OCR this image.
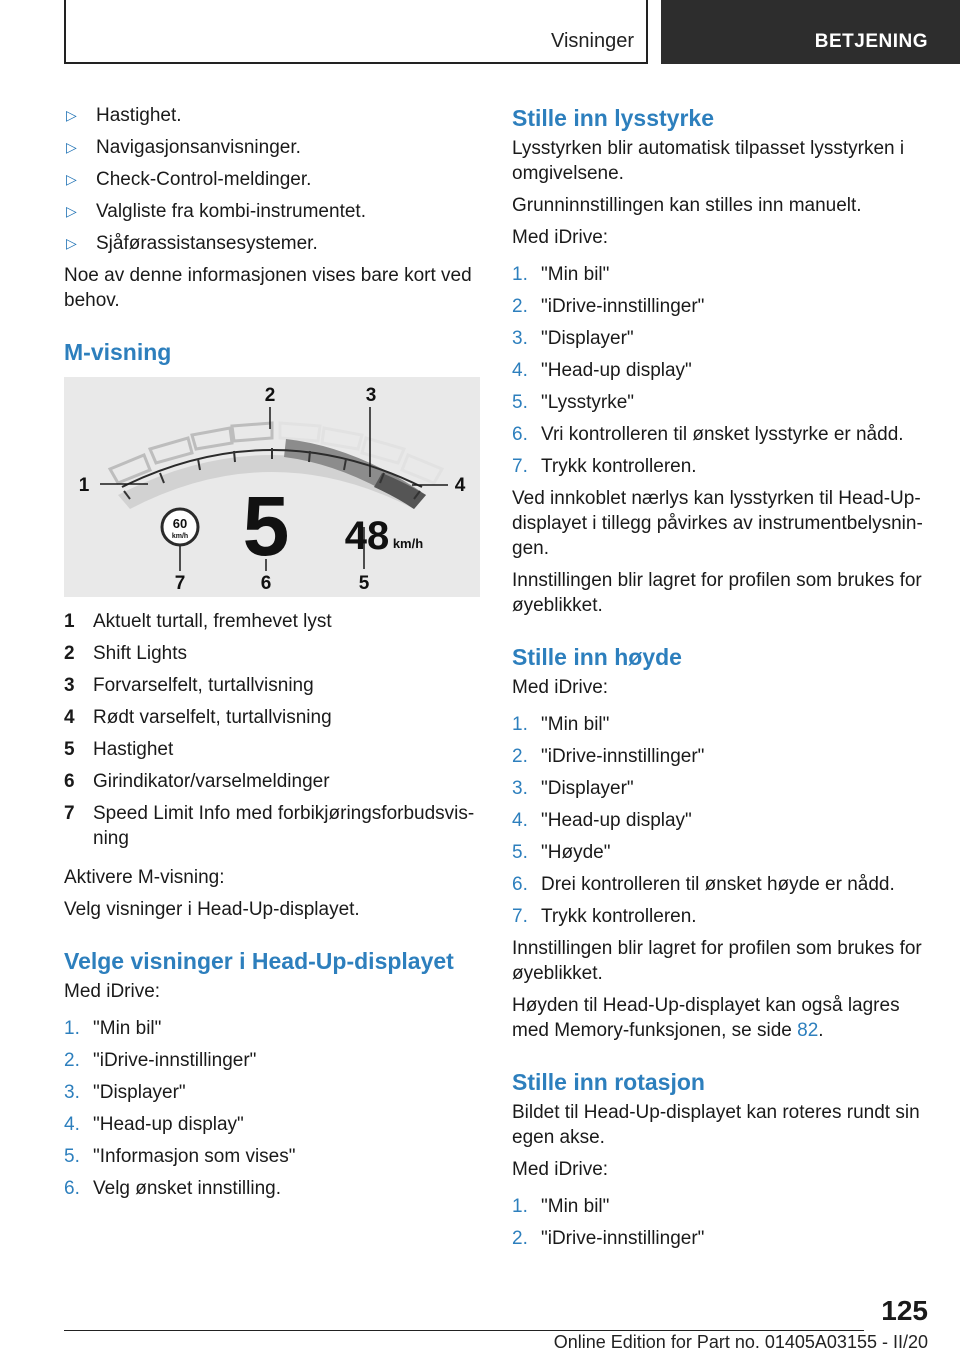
Visninger	BETJENING
▷	Hastighet.
▷	Navigasjonsanvisninger.
▷	Check-Control-meldinger.
▷	Valgliste fra kombi-instrumentet.
▷	Sjåførassistansesystemer.

Noe av denne informasjonen vises bare kort ved behov.

M-visning
60
km/h 5 48 km/h
1
2	3
4
5
6
7
1 Aktuelt turtall, fremhevet lyst
2 Shift Lights
3 Forvarselfelt, turtallvisning
4 Rødt varselfelt, turtallvisning
5 Hastighet
6 Girindikator/varselmeldinger
7 Speed Limit Info med forbikjøringsforbudsvis-ning

Aktivere M-visning:

Velg visninger i Head-Up-displayet.

Velge visninger i Head-Up-displayet

Med iDrive:

1. "Min bil"
2. "iDrive-innstillinger"
3. "Displayer"
4. "Head-up display"
5. "Informasjon som vises"
6. Velg ønsket innstilling.
Stille inn lysstyrke

Lysstyrken blir automatisk tilpasset lysstyrken i omgivelsene.

Grunninnstillingen kan stilles inn manuelt.

Med iDrive:

1. "Min bil"
2. "iDrive-innstillinger"
3. "Displayer"
4. "Head-up display"
5. "Lysstyrke"
6. Vri kontrolleren til ønsket lysstyrke er nådd.
7. Trykk kontrolleren.

Ved innkoblet nærlys kan lysstyrken til Head-Up-displayet i tillegg påvirkes av instrumentbelysnin-gen.

Innstillingen blir lagret for profilen som brukes for øyeblikket.

Stille inn høyde

Med iDrive:

1. "Min bil"
2. "iDrive-innstillinger"
3. "Displayer"
4. "Head-up display"
5. "Høyde"
6. Drei kontrolleren til ønsket høyde er nådd.
7. Trykk kontrolleren.

Innstillingen blir lagret for profilen som brukes for øyeblikket.

Høyden til Head-Up-displayet kan også lagres med Memory-funksjonen, se side 82.

Stille inn rotasjon

Bildet til Head-Up-displayet kan roteres rundt sin egen akse.

Med iDrive:

1. "Min bil"
2. "iDrive-innstillinger"
125
Online Edition for Part no. 01405A03155 - II/20
